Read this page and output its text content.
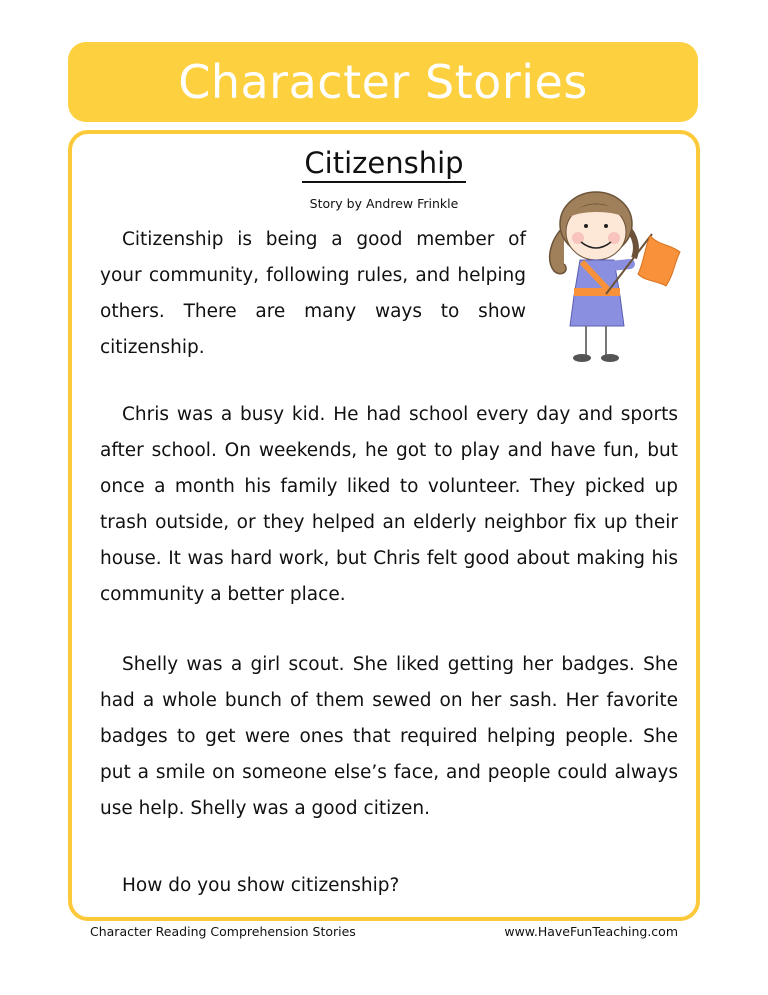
Character Stories
Citizenship
Story by Andrew Frinkle
Citizenship is being a good member of your community, following rules, and helping others. There are many ways to show citizenship.
Chris was a busy kid. He had school every day and sports after school. On weekends, he got to play and have fun, but once a month his family liked to volunteer. They picked up trash outside, or they helped an elderly neighbor fix up their house. It was hard work, but Chris felt good about making his community a better place.
Shelly was a girl scout. She liked getting her badges. She had a whole bunch of them sewed on her sash. Her favorite badges to get were ones that required helping people. She put a smile on someone else’s face, and people could always use help. Shelly was a good citizen.
How do you show citizenship?
Character Reading Comprehension Stories	www.HaveFunTeaching.com
